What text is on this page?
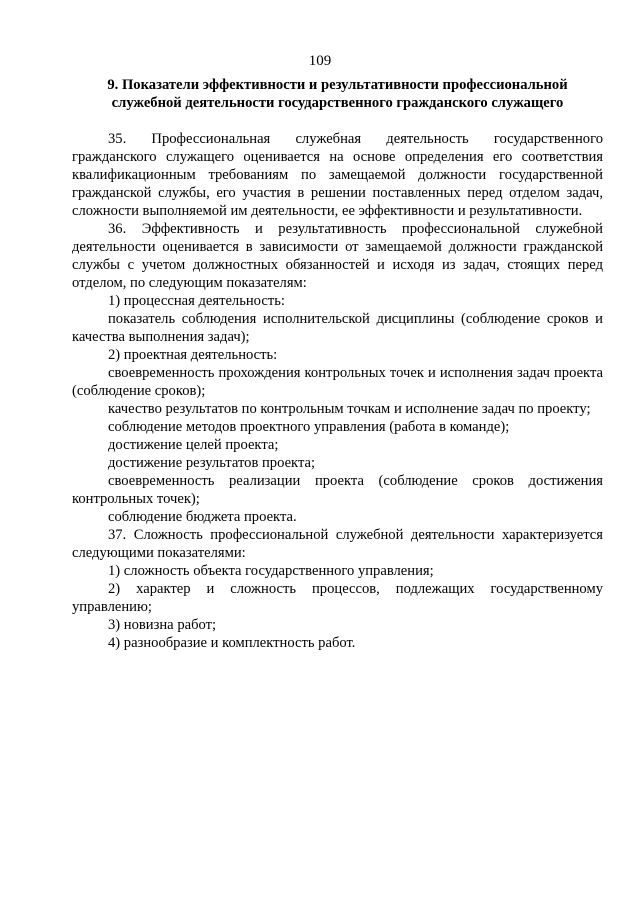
109
9. Показатели эффективности и результативности профессиональной
служебной деятельности государственного гражданского служащего

35. Профессиональная служебная деятельность государственного гражданского служащего оценивается на основе определения его соответствия квалификационным требованиям по замещаемой должности государственной гражданской службы, его участия в решении поставленных перед отделом задач, сложности выполняемой им деятельности, ее эффективности и результативности.

36. Эффективность и результативность профессиональной служебной деятельности оценивается в зависимости от замещаемой должности гражданской службы с учетом должностных обязанностей и исходя из задач, стоящих перед отделом, по следующим показателям:

1) процессная деятельность:

показатель соблюдения исполнительской дисциплины (соблюдение сроков и качества выполнения задач);

2) проектная деятельность:

своевременность прохождения контрольных точек и исполнения задач проекта (соблюдение сроков);

качество результатов по контрольным точкам и исполнение задач по проекту;

соблюдение методов проектного управления (работа в команде);

достижение целей проекта;

достижение результатов проекта;

своевременность реализации проекта (соблюдение сроков достижения контрольных точек);

соблюдение бюджета проекта.

37. Сложность профессиональной служебной деятельности характеризуется следующими показателями:

1) сложность объекта государственного управления;

2) характер и сложность процессов, подлежащих государственному управлению;

3) новизна работ;

4) разнообразие и комплектность работ.
